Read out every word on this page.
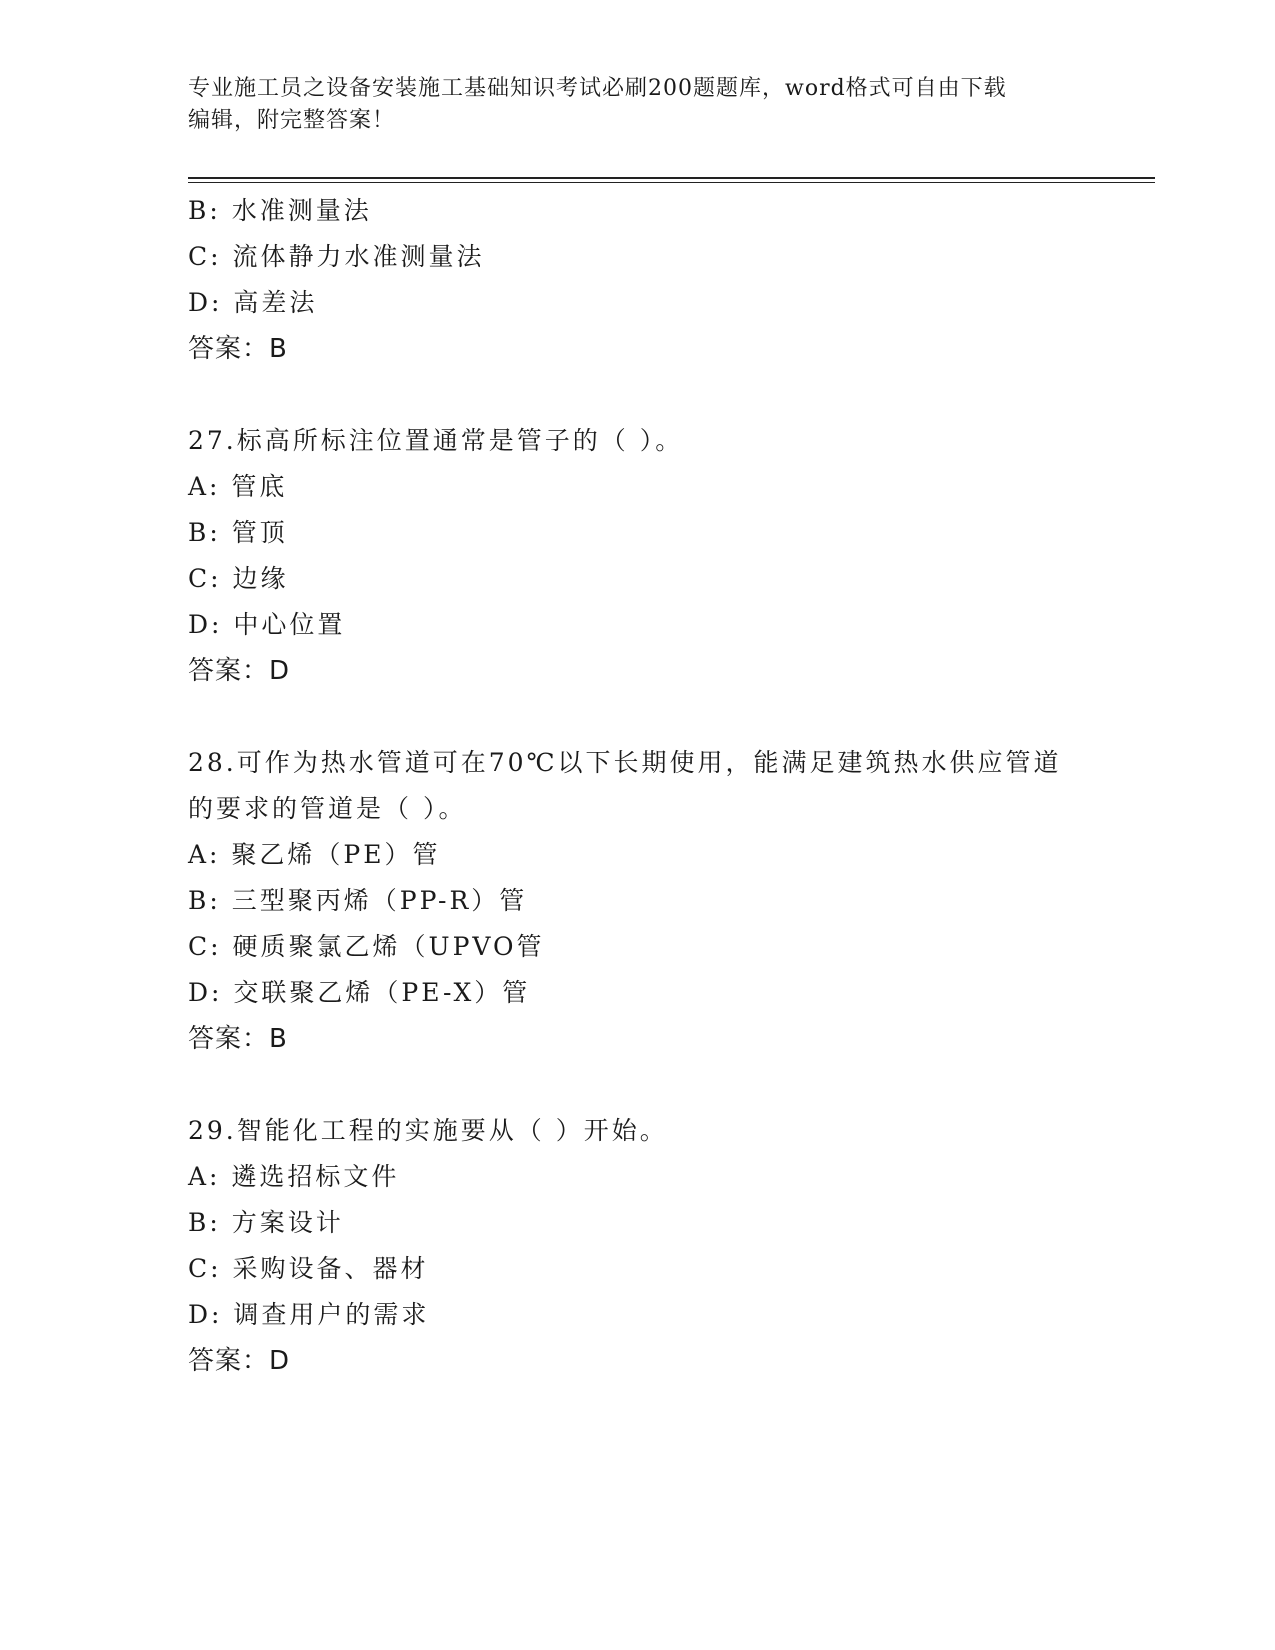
专业施工员之设备安装施工基础知识考试必刷200题题库，word格式可自由下载
编辑，附完整答案！
B: 水准测量法
C: 流体静力水准测量法
D: 高差法
答案：B
27.标高所标注位置通常是管子的（ ）。
A: 管底
B: 管顶
C: 边缘
D: 中心位置
答案：D
28.可作为热水管道可在70℃以下长期使用，能满足建筑热水供应管道
的要求的管道是（ ）。
A: 聚乙烯（PE）管
B: 三型聚丙烯（PP-R）管
C: 硬质聚氯乙烯（UPVO管
D: 交联聚乙烯（PE-X）管
答案：B
29.智能化工程的实施要从（ ）开始。
A: 遴选招标文件
B: 方案设计
C: 采购设备、器材
D: 调查用户的需求
答案：D
